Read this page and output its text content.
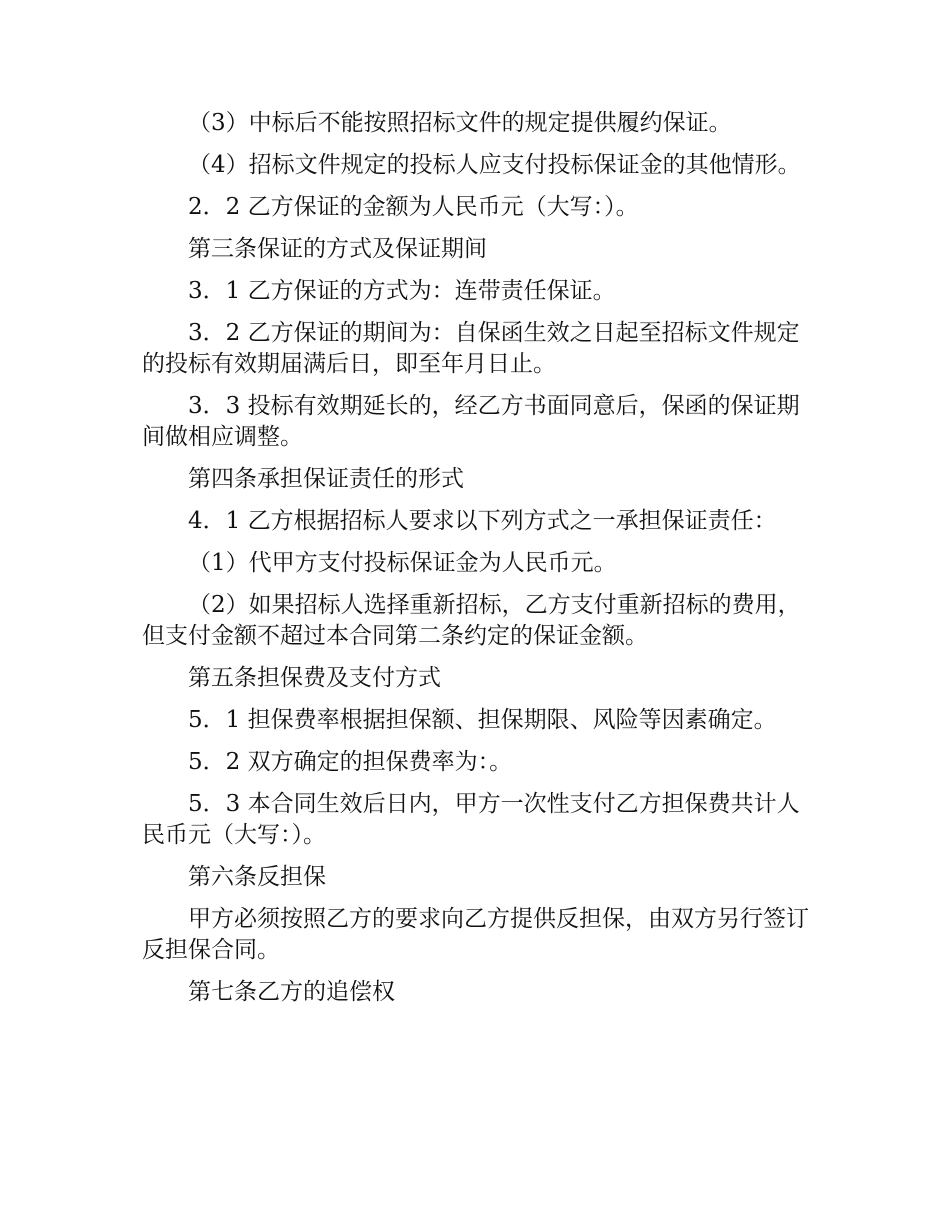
（3）中标后不能按照招标文件的规定提供履约保证。

（4）招标文件规定的投标人应支付投标保证金的其他情形。

2．2 乙方保证的金额为人民币元（大写：）。

第三条保证的方式及保证期间

3．1 乙方保证的方式为：连带责任保证。

3．2 乙方保证的期间为：自保函生效之日起至招标文件规定的投标有效期届满后日，即至年月日止。

3．3 投标有效期延长的，经乙方书面同意后，保函的保证期间做相应调整。

第四条承担保证责任的形式

4．1 乙方根据招标人要求以下列方式之一承担保证责任：

（1）代甲方支付投标保证金为人民币元。

（2）如果招标人选择重新招标，乙方支付重新招标的费用，但支付金额不超过本合同第二条约定的保证金额。

第五条担保费及支付方式

5．1 担保费率根据担保额、担保期限、风险等因素确定。

5．2 双方确定的担保费率为：。

5．3 本合同生效后日内，甲方一次性支付乙方担保费共计人民币元（大写：）。

第六条反担保

甲方必须按照乙方的要求向乙方提供反担保，由双方另行签订反担保合同。

第七条乙方的追偿权
